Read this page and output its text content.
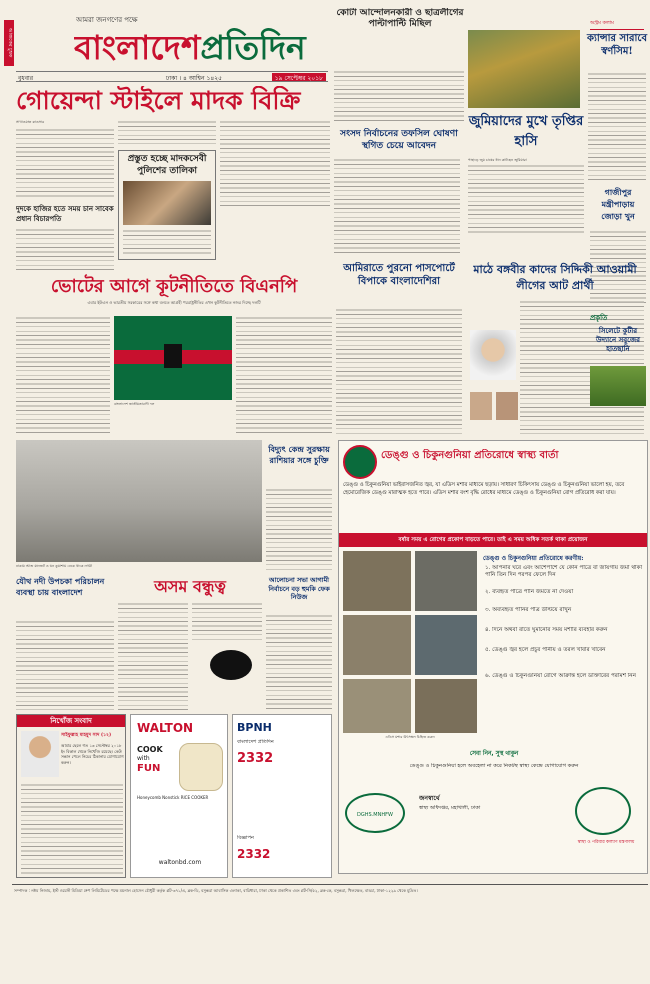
আজকের চুম্বক
আমরা জনগণের পক্ষে
বাংলাদেশপ্রতিদিন
বুধবার	ঢাকা । ৪ আশ্বিন ১৪২৫	১৯ সেপ্টেম্বর ২০১৮
কোটা আন্দোলনকারী ও ছাত্রলীগের পাল্টাপাল্টি মিছিল	অস্ট্রম কলাম
ক্যান্সার সারাবে স্বর্ণসিম!
গোয়েন্দা স্টাইলে মাদক বিক্রি
সাখাওয়াত কাওসার
প্রস্তুত হচ্ছে মাদকসেবী পুলিশের তালিকা
দুদকে হাজির হতে সময় চান সাবেক প্রধান বিচারপতি
সংসদ নির্বাচনের তফসিল ঘোষণা স্থগিত চেয়ে আবেদন
জুমিয়াদের মুখে তৃপ্তির হাসি
পাহাড়ে জুম চাষের ধান কাটছেন জুমিয়ারা
গাজীপুর মন্ত্রীপাড়ায় জোড়া খুন
ভোটের আগে কূটনীতিতে বিএনপি
এবার ইউএন ও ভারতীয় সরকারের সঙ্গে কথা বলতে আগ্রহী পররাষ্ট্রনীতির এখন কূটনীতিতে নজর দিচ্ছে দলটি
বাংলাদেশ জাতীয়তাবাদী দল
আমিরাতে পুরনো পাসপোর্টে বিপাকে বাংলাদেশিরা
মাঠে বঙ্গবীর কাদের সিদ্দিকী আওয়ামী লীগের আট প্রার্থী
প্রকৃতি
সিলেটে কুটীর উদ্যানে সবুজের হাতছানি
ঢাকায় আজ যানজট ও ঘন কুয়াশায় ঢেকে থাকে নগরী
বিদ্যুৎ কেন্দ্র সুরক্ষায় রাশিয়ার সঙ্গে চুক্তি	ডেঙ্গু ও চিকুনগুনিয়া প্রতিরোধে স্বাস্থ্য বার্তা
ডেঙ্গু ও চিকুনগুনিয়া ভাইরাসজনিত জ্বর, যা এডিস মশার মাধ্যমে ছড়ায়। সাধারণ চিকিৎসায় ডেঙ্গু ও চিকুনগুনিয়া ভালো হয়, তবে হেমোরেজিক ডেঙ্গু মারাত্মক হতে পারে। এডিস মশার বংশ বৃদ্ধি রোধের মাধ্যমে ডেঙ্গু ও চিকুনগুনিয়া রোগ প্রতিরোধ করা যায়।
বর্ষার সময় এ রোগের প্রকোপ বাড়তে পারে। তাই এ সময় অধিক সতর্ক থাকা প্রয়োজন
এডিস মশার উৎসস্থল চিহ্নিত করুন
ডেঙ্গু ও চিকুনগুনিয়া প্রতিরোধে করণীয়:
১. আপনার ঘরে এবং আশেপাশে যে কোন পাত্রে বা জায়গায় জমা থাকা পানি তিন দিন পরপর ফেলে দিন
২. ব্যবহৃত পাত্রে পানি জমতে না দেওয়া
৩. অব্যবহৃত পানির পাত্র উল্টিয়ে রাখুন
৪. দিনে অথবা রাতে ঘুমানোর সময় মশারি ব্যবহার করুন
৫. ডেঙ্গু জ্বর হলে প্রচুর পানীয় ও তরল খাবার খাবেন
৬. ডেঙ্গু ও চিকুনগুনিয়া রোগে আক্রান্ত হলে ডাক্তারের পরামর্শ নিন
সেবা নিন, সুস্থ থাকুন
ডেঙ্গু ও চিকুনগুনিয়া হলে অবহেলা না করে নিকটস্থ স্বাস্থ্য কেন্দ্রে যোগাযোগ করুন
DGHS.MNHFW
জনস্বার্থে
স্বাস্থ্য অধিদপ্তর, মহাখালী, ঢাকা
স্বাস্থ্য ও পরিবার কল্যাণ মন্ত্রণালয়
যৌথ নদী উপচকা পরিচালন ব্যবস্থা চায় বাংলাদেশ	অসম বন্ধুত্ব	আলোচনা সভা আগামী নির্বাচনে বড় হুমকি ফেক নিউজ
নিখোঁজ সংবাদ
সাইফুল্লাহ মাহমুদ সাদ (১২)
আমার ছেলে গত ১৩ সেপ্টেম্বর ২০১৮ ইং বিকাল থেকে নিখোঁজ রয়েছে। কেউ সন্ধান পেলে নিচের ঠিকানায় যোগাযোগ করুন।
WALTON
COOK
with
FUN
Honeycomb Nonstick RICE COOKER
waltonbd.com
BPNH
বাংলাদেশ প্রতিদিন
2332
বিজ্ঞাপন
2332
সম্পাদক : নঈম নিজাম, ইস্ট ওয়েস্ট মিডিয়া গ্রুপ লিমিটেডের পক্ষে ময়নাল হোসেন চৌধুরী কর্তৃক প্লট-৩৭১/এ, ব্লক-ডি, বসুন্ধরা আবাসিক এলাকা, বারিধারা, ঢাকা থেকে প্রকাশিত এবং প্লট-সি/৫২, ব্লক-কে, বসুন্ধরা, খিলক্ষেত, বাড্ডা, ঢাকা-১২২৯ থেকে মুদ্রিত।
